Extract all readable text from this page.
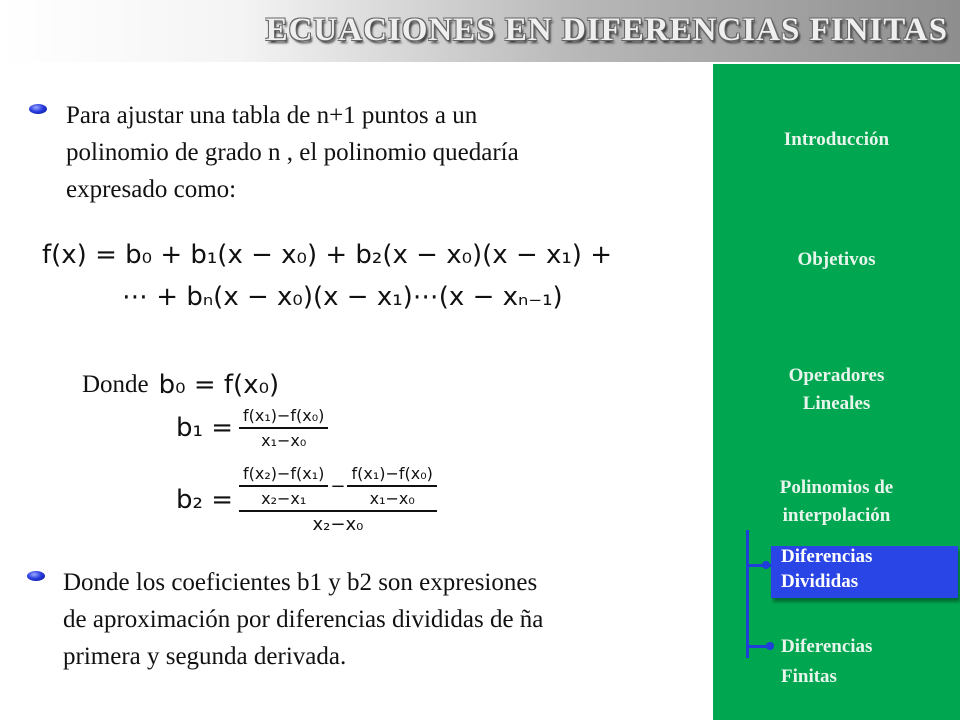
ECUACIONES EN DIFERENCIAS FINITAS
Para ajustar una tabla de n+1 puntos a un
polinomio de grado n , el polinomio quedaría
expresado como:
f(x) = b₀ + b₁(x − x₀) + b₂(x − x₀)(x − x₁) +
⋯ + bₙ(x − x₀)(x − x₁)⋯(x − xₙ₋₁)
Donde b₀ = f(x₀)
$b_1 = \frac{\text{f(x₁)−f(x₀)}}{\text{x₁−x₀}}$
$b_2 = \frac{\text{f(x₂)−f(x₁)}}{\text{x₂−x₁}} - \frac{\text{f(x₁)−f(x₀)}}{\text{x₁−x₀}}$
x₂−x₀
Donde los coeficientes b1 y b2 son expresiones
de aproximación por diferencias divididas de ña
primera y segunda derivada.
Introducción
Objetivos
Operadores
Lineales
Polinomios de
interpolación
Diferencias
Divididas
Diferencias
Finitas
